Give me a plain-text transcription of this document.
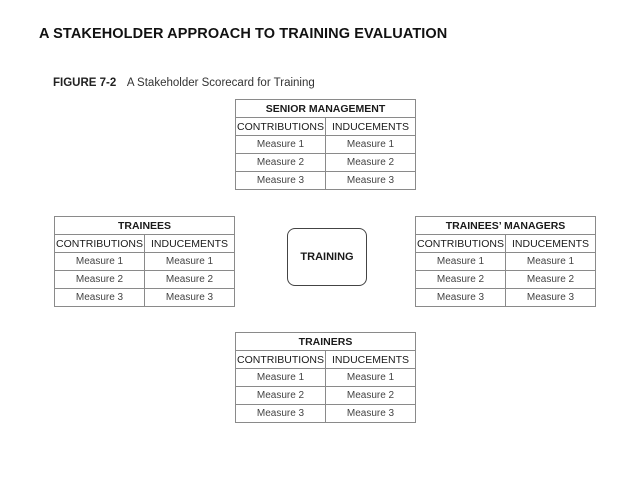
A STAKEHOLDER APPROACH TO TRAINING EVALUATION
FIGURE 7-2 A Stakeholder Scorecard for Training
SENIOR MANAGEMENT	
CONTRIBUTIONS	INDUCEMENTS
Measure 1	Measure 1
Measure 2	Measure 2
Measure 3	Measure 3
TRAINEES	
CONTRIBUTIONS	INDUCEMENTS
Measure 1	Measure 1
Measure 2	Measure 2
Measure 3	Measure 3
TRAINING
TRAINEES’ MANAGERS	
CONTRIBUTIONS	INDUCEMENTS
Measure 1	Measure 1
Measure 2	Measure 2
Measure 3	Measure 3
TRAINERS	
CONTRIBUTIONS	INDUCEMENTS
Measure 1	Measure 1
Measure 2	Measure 2
Measure 3	Measure 3
